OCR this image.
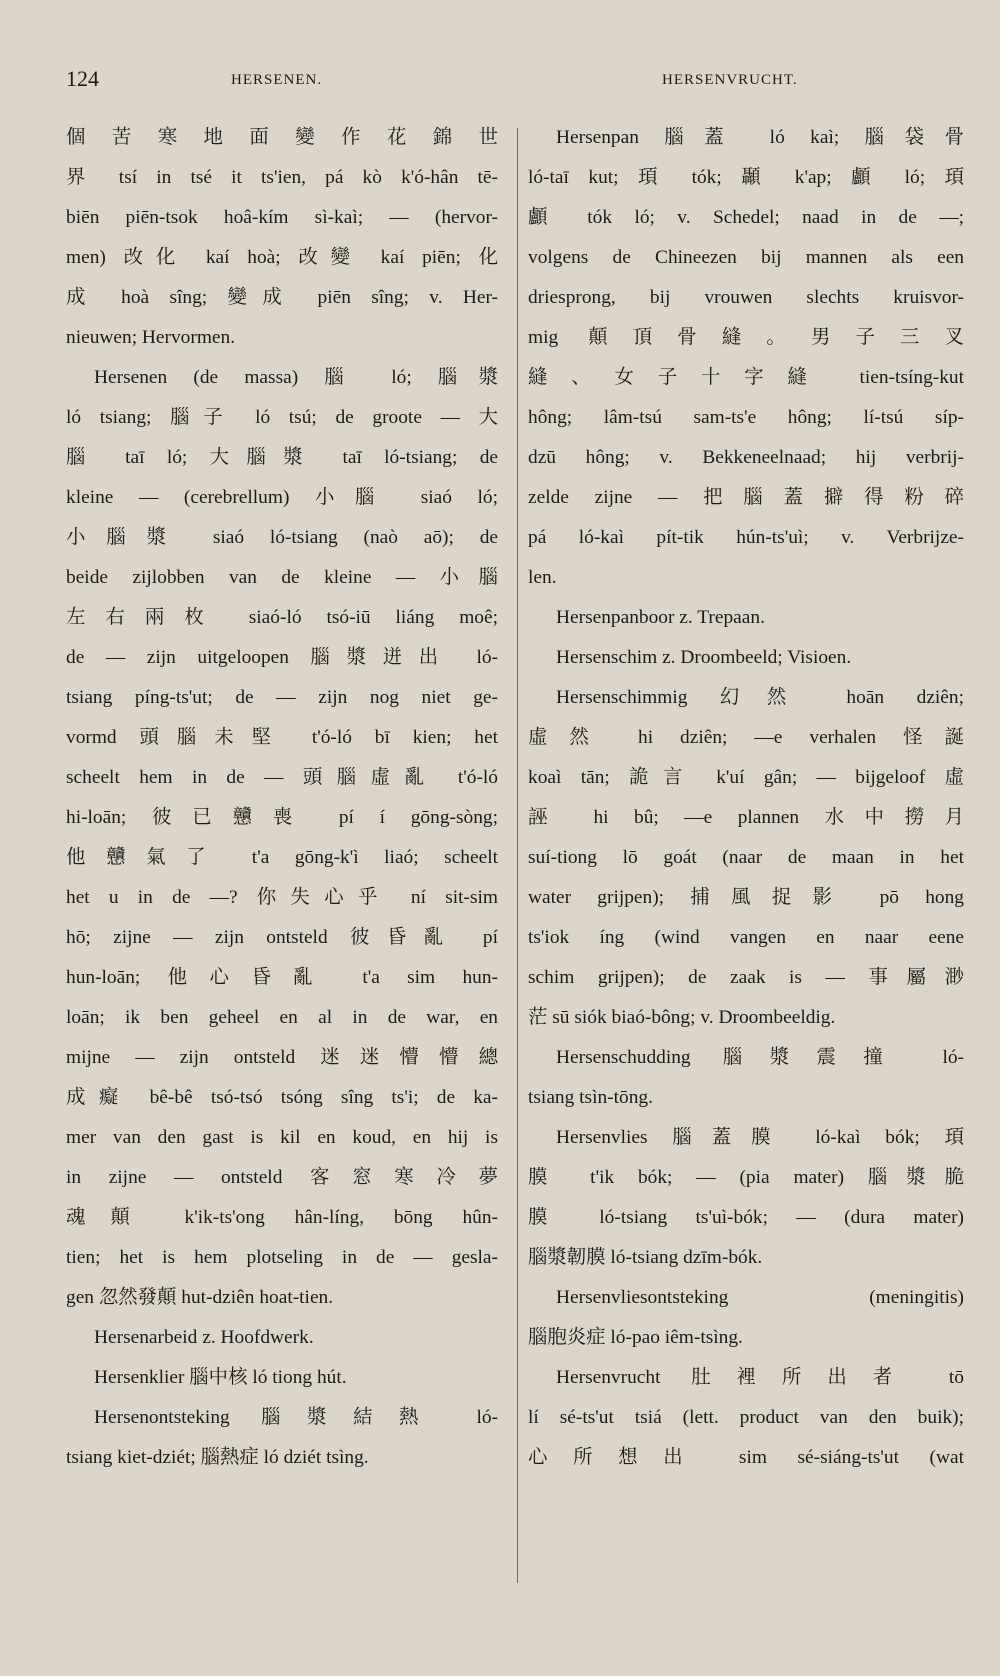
124	HERSENEN.	HERSENVRUCHT.
個苦寒地面變作花錦世
界 tsí in tsé it ts'ien, pá kò k'ó-hân tē-
biēn piēn-tsok hoâ-kím sì-kaì; — (hervor-
men) 改化 kaí hoà; 改變 kaí piēn; 化
成 hoà sîng; 變成 piēn sîng; v. Her-
nieuwen; Hervormen.
Hersenen (de massa) 腦 ló; 腦漿
ló tsiang; 腦子 ló tsú; de groote — 大
腦 taī ló; 大腦漿 taī ló-tsiang; de
kleine — (cerebrellum) 小腦 siaó ló;
小腦漿 siaó ló-tsiang (naò aō); de
beide zijlobben van de kleine — 小腦
左右兩枚 siaó-ló tsó-iū liáng moê;
de — zijn uitgeloopen 腦漿迸出 ló-
tsiang píng-ts'ut; de — zijn nog niet ge-
vormd 頭腦未堅 t'ó-ló bī kien; het
scheelt hem in de — 頭腦虛亂 t'ó-ló
hi-loān; 彼已戇喪 pí í gōng-sòng;
他戇氣了 t'a gōng-k'ì liaó; scheelt
het u in de —? 你失心乎 ní sit-sim
hō; zijne — zijn ontsteld 彼昏亂 pí
hun-loān; 他心昏亂 t'a sim hun-
loān; ik ben geheel en al in de war, en
mijne — zijn ontsteld 迷迷懵懵總
成癡 bê-bê tsó-tsó tsóng sîng ts'i; de ka-
mer van den gast is kil en koud, en hij is
in zijne — ontsteld 客窓寒冷夢
魂顛 k'ik-ts'ong hân-líng, bōng hûn-
tien; het is hem plotseling in de — gesla-
gen 忽然發顛 hut-dziên hoat-tien.
Hersenarbeid z. Hoofdwerk.
Hersenklier 腦中核 ló tiong hút.
Hersenontsteking 腦漿結熱 ló-
tsiang kiet-dziét; 腦熱症 ló dziét tsìng.
Hersenpan 腦蓋 ló kaì; 腦袋骨
ló-taī kut; 頊 tók; 顳 k'ap; 顱 ló; 頊
顱 tók ló; v. Schedel; naad in de —;
volgens de Chineezen bij mannen als een
driesprong, bij vrouwen slechts kruisvor-
mig 顛頂骨縫。男子三叉
縫、女子十字縫 tien-tsíng-kut
hông; lâm-tsú sam-ts'e hông; lí-tsú síp-
dzū hông; v. Bekkeneelnaad; hij verbrij-
zelde zijne — 把腦蓋擗得粉碎
pá ló-kaì pít-tik hún-ts'uì; v. Verbrijze-
len.
Hersenpanboor z. Trepaan.
Hersenschim z. Droombeeld; Visioen.
Hersenschimmig 幻然 hoān dziên;
虛然 hi dziên; —e verhalen 怪誕
koaì tān; 詭言 k'uí gân; — bijgeloof 虛
誣 hi bû; —e plannen 水中撈月
suí-tiong lō goát (naar de maan in het
water grijpen); 捕風捉影 pō hong
ts'iok íng (wind vangen en naar eene
schim grijpen); de zaak is — 事屬渺
茫 sū siók biaó-bông; v. Droombeeldig.
Hersenschudding 腦漿震撞 ló-
tsiang tsìn-tōng.
Hersenvlies 腦蓋膜 ló-kaì bók; 頊
膜 t'ik bók; — (pia mater) 腦漿脆
膜 ló-tsiang ts'uì-bók; — (dura mater)
腦漿韌膜 ló-tsiang dzīm-bók.
Hersenvliesontsteking (meningitis)
腦胞炎症 ló-pao iêm-tsìng.
Hersenvrucht 肚裡所出者 tō
lí sé-ts'ut tsiá (lett. product van den buik);
心所想出 sim sé-siáng-ts'ut (wat
